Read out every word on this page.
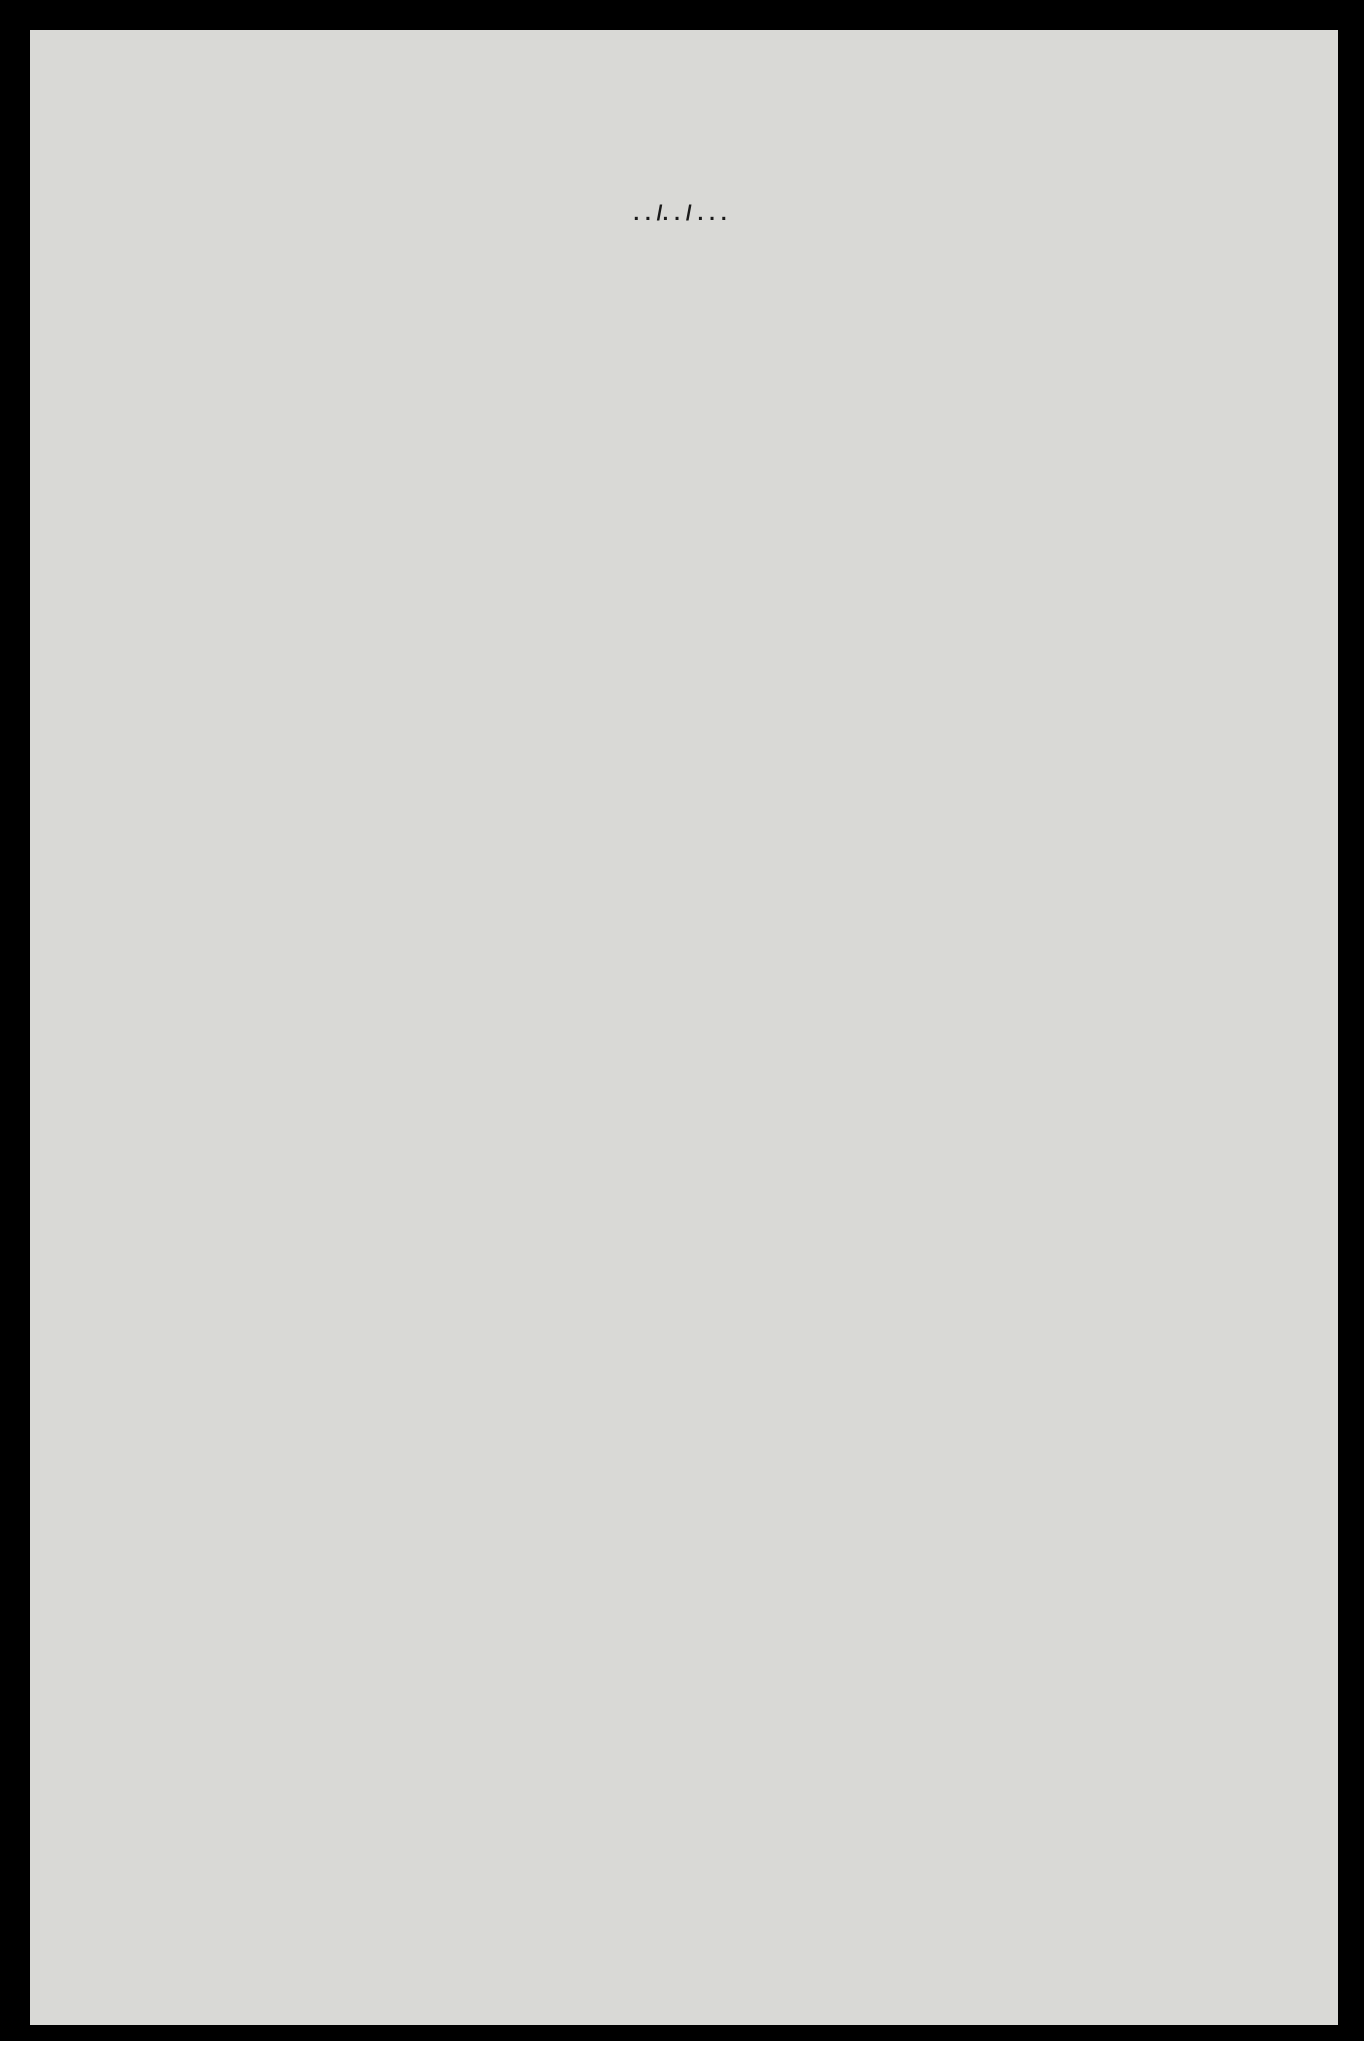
. . /. . / . . .
